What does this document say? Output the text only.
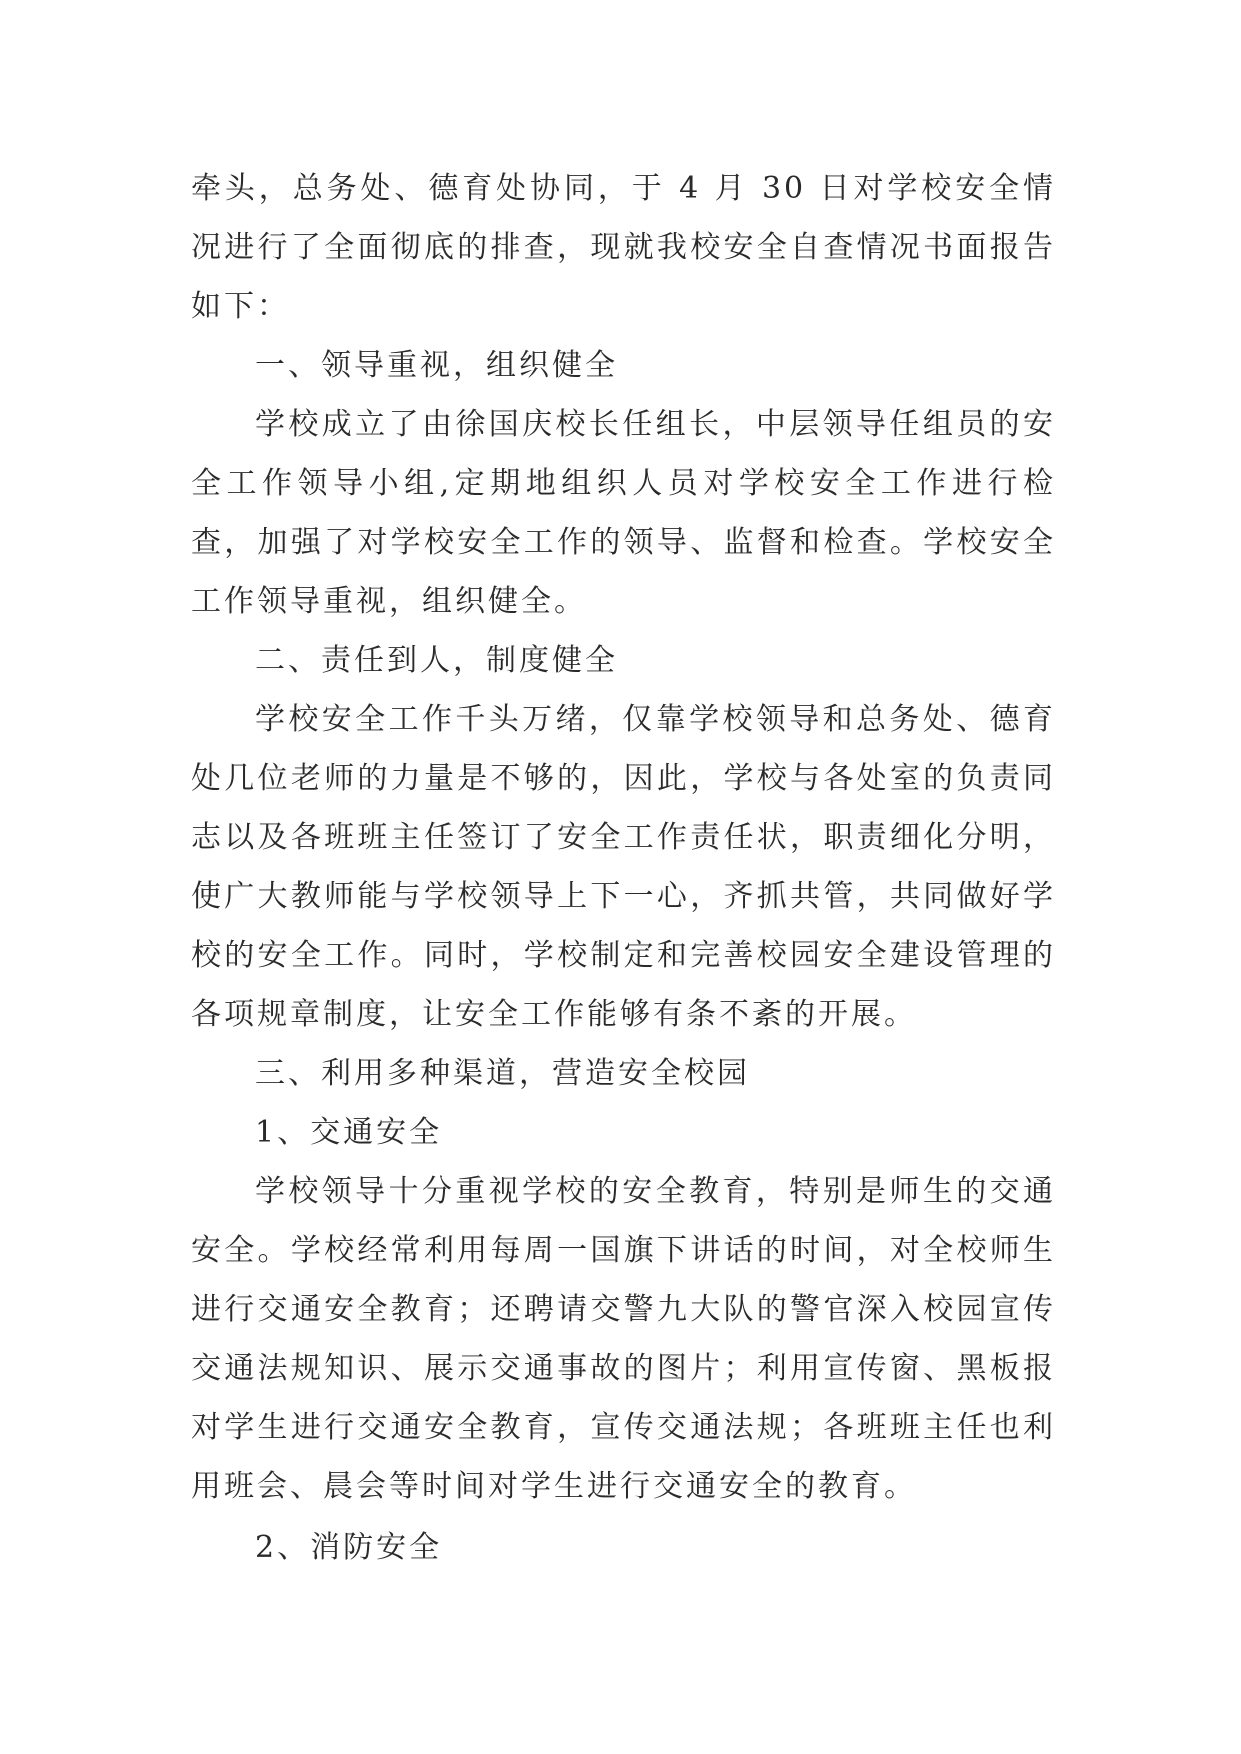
牵头，总务处、德育处协同，于 4 月 30 日对学校安全情况进行了全面彻底的排查，现就我校安全自查情况书面报告如下：

一、领导重视，组织健全

学校成立了由徐国庆校长任组长，中层领导任组员的安全工作领导小组,定期地组织人员对学校安全工作进行检查，加强了对学校安全工作的领导、监督和检查。学校安全工作领导重视，组织健全。

二、责任到人，制度健全

学校安全工作千头万绪，仅靠学校领导和总务处、德育处几位老师的力量是不够的，因此，学校与各处室的负责同志以及各班班主任签订了安全工作责任状，职责细化分明，使广大教师能与学校领导上下一心，齐抓共管，共同做好学校的安全工作。同时，学校制定和完善校园安全建设管理的各项规章制度，让安全工作能够有条不紊的开展。

三、利用多种渠道，营造安全校园

1、交通安全

学校领导十分重视学校的安全教育，特别是师生的交通安全。学校经常利用每周一国旗下讲话的时间，对全校师生进行交通安全教育；还聘请交警九大队的警官深入校园宣传交通法规知识、展示交通事故的图片；利用宣传窗、黑板报对学生进行交通安全教育，宣传交通法规；各班班主任也利用班会、晨会等时间对学生进行交通安全的教育。

2、消防安全
